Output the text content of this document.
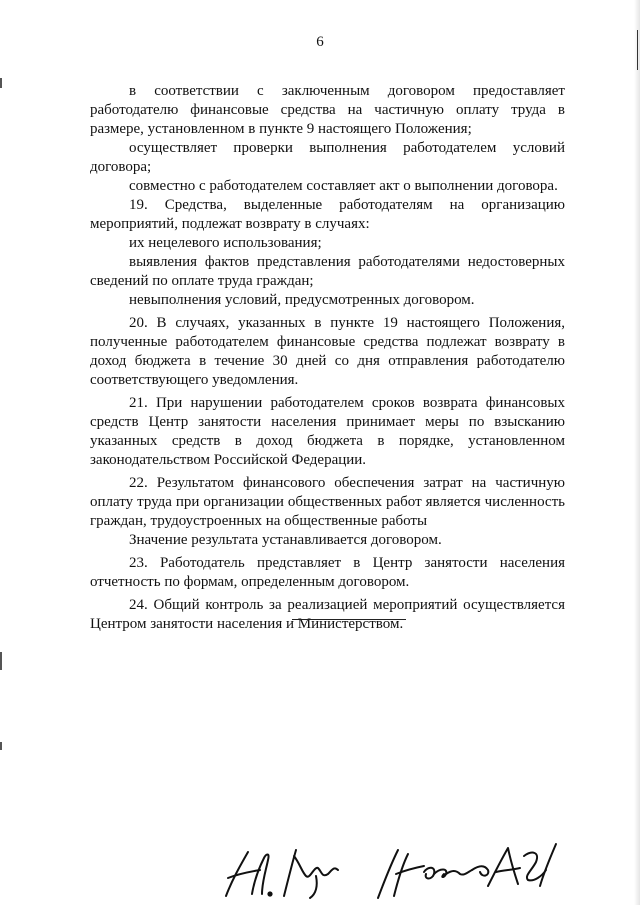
6

в соответствии с заключенным договором предоставляет работодателю финансовые средства на частичную оплату труда в размере, установленном в пункте 9 настоящего Положения;

осуществляет проверки выполнения работодателем условий договора;

совместно с работодателем составляет акт о выполнении договора.

19. Средства, выделенные работодателям на организацию мероприятий, подлежат возврату в случаях:

их нецелевого использования;

выявления фактов представления работодателями недостоверных сведений по оплате труда граждан;

невыполнения условий, предусмотренных договором.

20. В случаях, указанных в пункте 19 настоящего Положения, полученные работодателем финансовые средства подлежат возврату в доход бюджета в течение 30 дней со дня отправления работодателю соответствующего уведомления.

21. При нарушении работодателем сроков возврата финансовых средств Центр занятости населения принимает меры по взысканию указанных средств в доход бюджета в порядке, установленном законодательством Российской Федерации.

22. Результатом финансового обеспечения затрат на частичную оплату труда при организации общественных работ является численность граждан, трудоустроенных на общественные работы

Значение результата устанавливается договором.

23. Работодатель представляет в Центр занятости населения отчетность по формам, определенным договором.

24. Общий контроль за реализацией мероприятий осуществляется Центром занятости населения и Министерством.
